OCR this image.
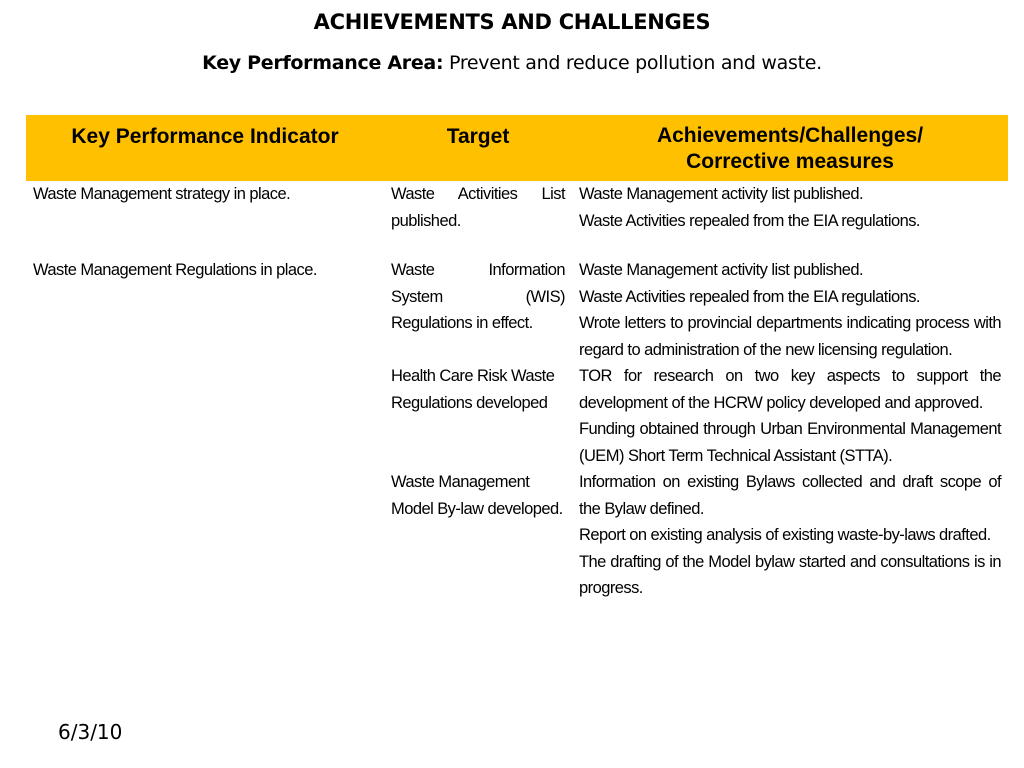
ACHIEVEMENTS AND CHALLENGES
Key Performance Area: Prevent and reduce pollution and waste.
Key Performance Indicator	Target	Achievements/Challenges/
Corrective measures

Waste Management strategy in place.	Waste Activities List published.	Waste Management activity list published.
Waste Activities repealed from the EIA regulations.

Waste Management Regulations in place.	Waste Information System (WIS) Regulations in effect.	Waste Management activity list published.
Waste Activities repealed from the EIA regulations.
Wrote letters to provincial departments indicating process with regard to administration of the new licensing regulation.

	Health Care Risk Waste Regulations developed	TOR for research on two key aspects to support the development of the HCRW policy developed and approved.
Funding obtained through Urban Environmental Management (UEM) Short Term Technical Assistant (STTA).

	Waste Management Model By-law developed.	Information on existing Bylaws collected and draft scope of the Bylaw defined.
Report on existing analysis of existing waste-by-laws drafted.
The drafting of the Model bylaw started and consultations is in progress.
6/3/10
